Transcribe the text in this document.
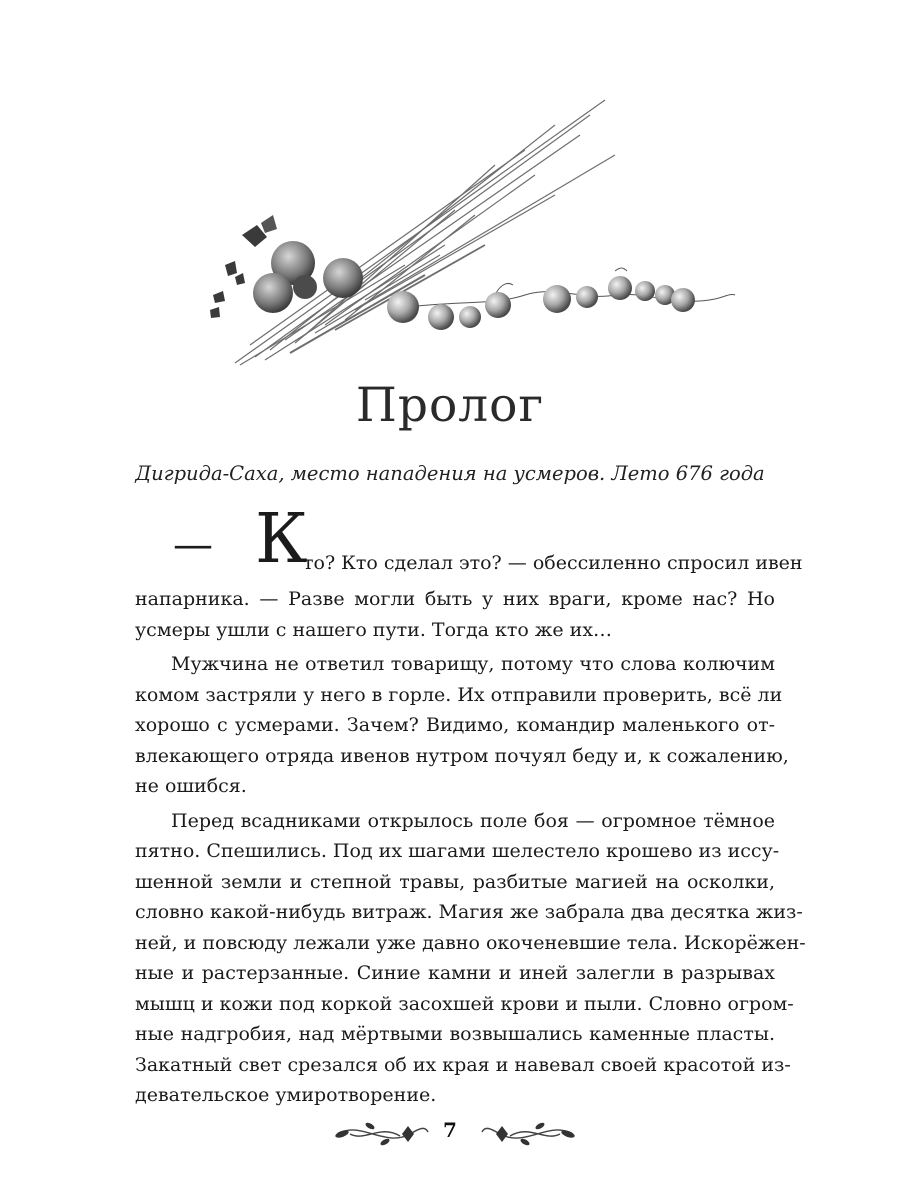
Пролог
Дигрида-Саха, место нападения на усмеров. Лето 676 года
— К
то? Кто сделал это? — обессиленно спросил ивен
напарника. — Разве могли быть у них враги, кроме нас? Но
усмеры ушли с нашего пути. Тогда кто же их…
Мужчина не ответил товарищу, потому что слова колючим
комом застряли у него в горле. Их отправили проверить, всё ли
хорошо с усмерами. Зачем? Видимо, командир маленького от-
влекающего отряда ивенов нутром почуял беду и, к сожалению,
не ошибся.
Перед всадниками открылось поле боя — огромное тёмное
пятно. Спешились. Под их шагами шелестело крошево из иссу-
шенной земли и степной травы, разбитые магией на осколки,
словно какой-нибудь витраж. Магия же забрала два десятка жиз-
ней, и повсюду лежали уже давно окоченевшие тела. Искорёжен-
ные и растерзанные. Синие камни и иней залегли в разрывах
мышц и кожи под коркой засохшей крови и пыли. Словно огром-
ные надгробия, над мёртвыми возвышались каменные пласты.
Закатный свет срезался об их края и навевал своей красотой из-
девательское умиротворение.
7
